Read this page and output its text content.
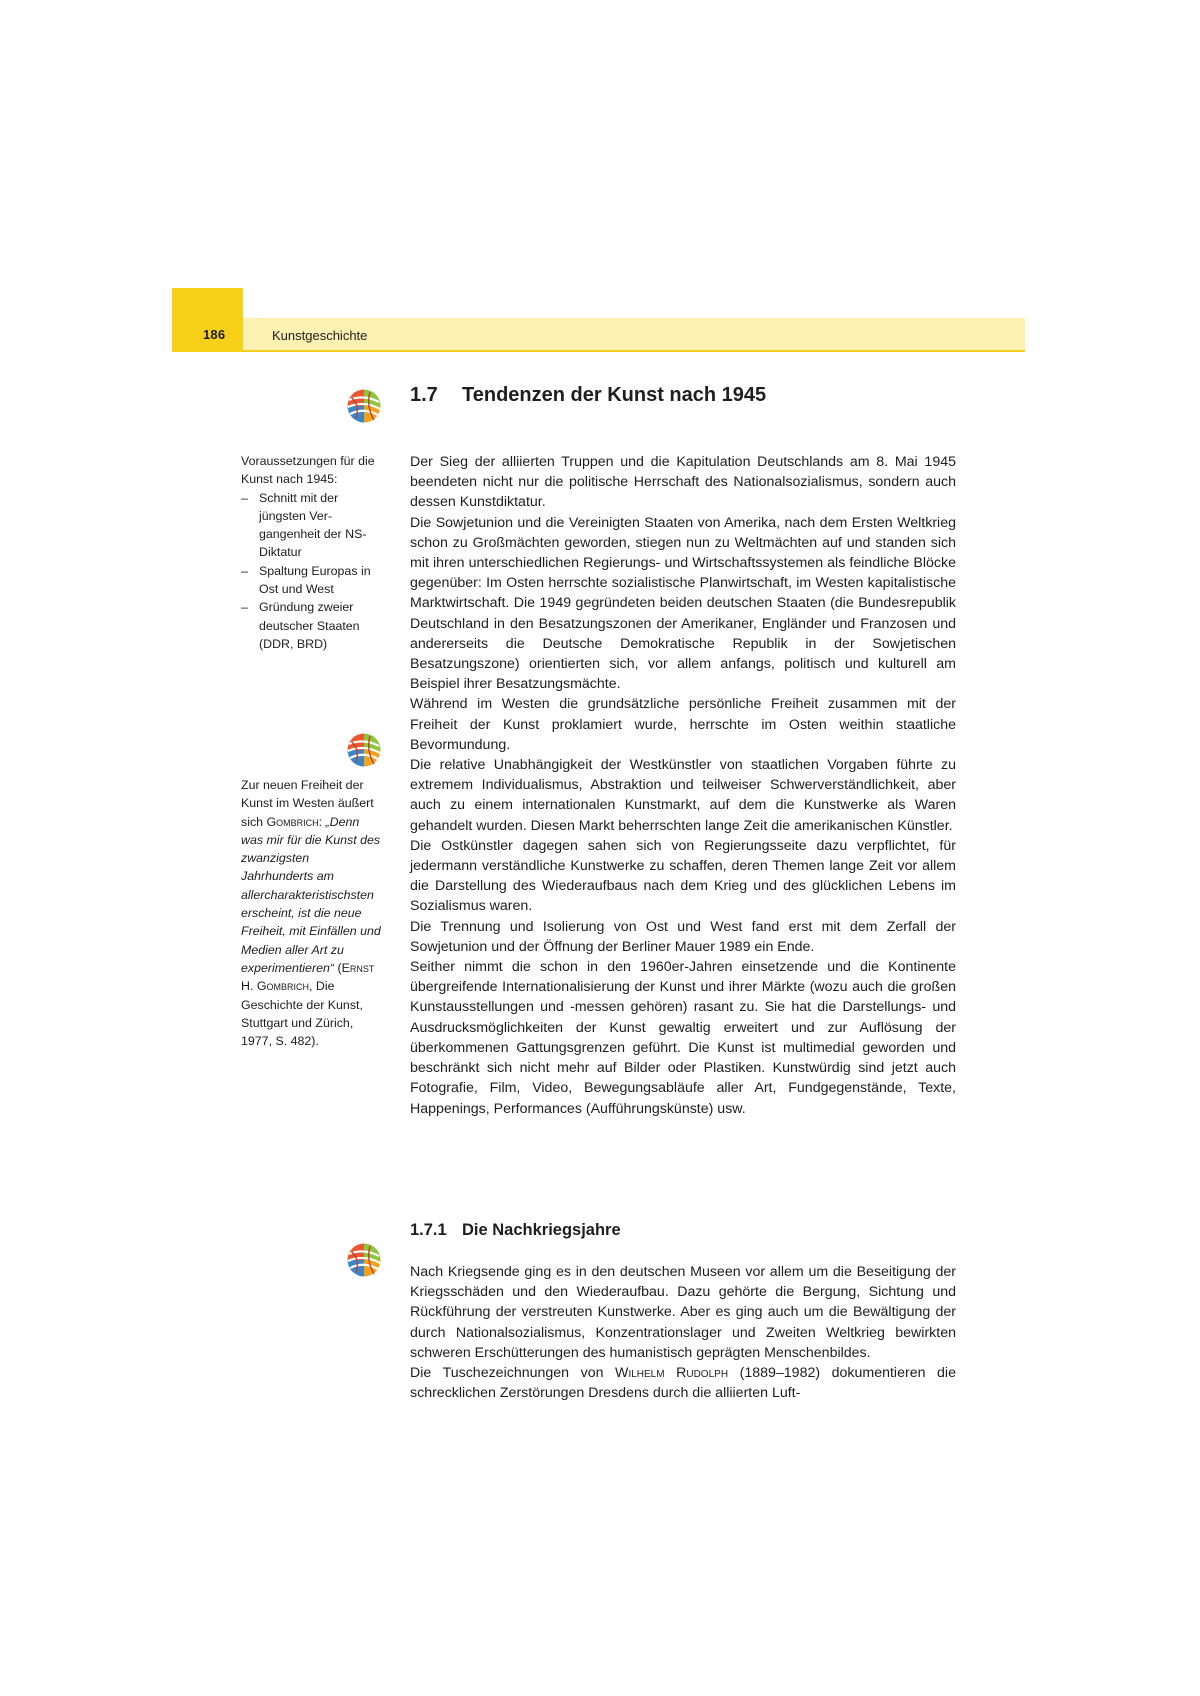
186	Kunstgeschichte
1.7 Tendenzen der Kunst nach 1945

Der Sieg der alliierten Truppen und die Kapitulation Deutschlands am 8. Mai 1945 beendeten nicht nur die politische Herrschaft des Nationalsozialismus, sondern auch dessen Kunstdiktatur.

Die Sowjetunion und die Vereinigten Staaten von Amerika, nach dem Ersten Weltkrieg schon zu Großmächten geworden, stiegen nun zu Weltmächten auf und standen sich mit ihren unterschiedlichen Regierungs- und Wirtschaftssystemen als feindliche Blöcke gegenüber: Im Osten herrschte sozialistische Planwirtschaft, im Westen kapitalistische Marktwirtschaft. Die 1949 gegründeten beiden deutschen Staaten (die Bundesrepublik Deutschland in den Besatzungszonen der Amerikaner, Engländer und Franzosen und andererseits die Deutsche Demokratische Republik in der Sowjetischen Besatzungszone) orientierten sich, vor allem anfangs, politisch und kulturell am Beispiel ihrer Besatzungsmächte.

Während im Westen die grundsätzliche persönliche Freiheit zusammen mit der Freiheit der Kunst proklamiert wurde, herrschte im Osten weithin staatliche Bevormundung.

Die relative Unabhängigkeit der Westkünstler von staatlichen Vorgaben führte zu extremem Individualismus, Abstraktion und teilweiser Schwerverständlichkeit, aber auch zu einem internationalen Kunstmarkt, auf dem die Kunstwerke als Waren gehandelt wurden. Diesen Markt beherrschten lange Zeit die amerikanischen Künstler.

Die Ostkünstler dagegen sahen sich von Regierungsseite dazu verpflichtet, für jedermann verständliche Kunstwerke zu schaffen, deren Themen lange Zeit vor allem die Darstellung des Wiederaufbaus nach dem Krieg und des glücklichen Lebens im Sozialismus waren.

Die Trennung und Isolierung von Ost und West fand erst mit dem Zerfall der Sowjetunion und der Öffnung der Berliner Mauer 1989 ein Ende.

Seither nimmt die schon in den 1960er-Jahren einsetzende und die Kontinente übergreifende Internationalisierung der Kunst und ihrer Märkte (wozu auch die großen Kunstausstellungen und -messen gehören) rasant zu. Sie hat die Darstellungs- und Ausdrucksmöglichkeiten der Kunst gewaltig erweitert und zur Auflösung der überkommenen Gattungsgrenzen geführt. Die Kunst ist multimedial geworden und beschränkt sich nicht mehr auf Bilder oder Plastiken. Kunstwürdig sind jetzt auch Fotografie, Film, Video, Bewegungsabläufe aller Art, Fundgegenstände, Texte, Happenings, Performances (Aufführungskünste) usw.

Voraussetzungen für die Kunst nach 1945:
– Schnitt mit der jüngsten Vergangenheit der NS-Diktatur
– Spaltung Europas in Ost und West
– Gründung zweier deutscher Staaten (DDR, BRD)
Zur neuen Freiheit der Kunst im Westen äußert sich Gombrich: „Denn was mir für die Kunst des zwanzigsten Jahrhunderts am allercharakteristischsten erscheint, ist die neue Freiheit, mit Einfällen und Medien aller Art zu experimentieren“ (Ernst H. Gombrich, Die Geschichte der Kunst, Stuttgart und Zürich, 1977, S. 482).
1.7.1 Die Nachkriegsjahre

Nach Kriegsende ging es in den deutschen Museen vor allem um die Beseitigung der Kriegsschäden und den Wiederaufbau. Dazu gehörte die Bergung, Sichtung und Rückführung der verstreuten Kunstwerke. Aber es ging auch um die Bewältigung der durch Nationalsozialismus, Konzentrationslager und Zweiten Weltkrieg bewirkten schweren Erschütterungen des humanistisch geprägten Menschenbildes.

Die Tuschezeichnungen von Wilhelm Rudolph (1889–1982) dokumentieren die schrecklichen Zerstörungen Dresdens durch die alliierten Luft-
